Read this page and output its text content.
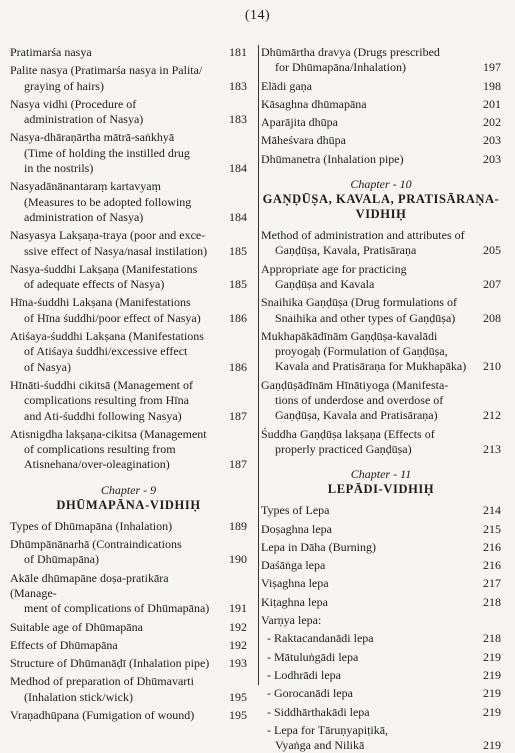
(14)
Pratimarśa nasya	181
Palite nasya (Pratimarśa nasya in Palita/
graying of hairs)	183
Nasya vidhi (Procedure of
administration of Nasya)	183
Nasya-dhāraṇārtha mātrā-saṅkhyā
(Time of holding the instilled drug
in the nostrils)	184
Nasyadānānantaraṃ kartavyaṃ
(Measures to be adopted following
administration of Nasya)	184
Nasyasya Lakṣaṇa-traya (poor and exce-
ssive effect of Nasya/nasal instilation)	185
Nasya-śuddhi Lakṣaṇa (Manifestations
of adequate effects of Nasya)	185
Hīna-śuddhi Lakṣana (Manifestations
of Hīna śuddhi/poor effect of Nasya)	186
Atiśaya-śuddhi Lakṣana (Manifestations
of Atiśaya śuddhi/excessive effect
of Nasya)	186
Hīnāti-śuddhi cikitsā (Management of
complications resulting from Hīna
and Ati-śuddhi following Nasya)	187
Atisnigdha lakṣaṇa-cikitsa (Management
of complications resulting from
Atisnehana/over-oleagination)	187
Chapter - 9
DHŪMAPĀNA-VIDHIḤ
Types of Dhūmapāna (Inhalation)	189
Dhūmpānānarhā (Contraindications
of Dhūmapāna)	190
Akāle dhūmapāne doṣa-pratikāra (Manage-
ment of complications of Dhūmapāna)	191
Suitable age of Dhūmapāna	192
Effects of Dhūmapāna	192
Structure of Dhūmanāḍī (Inhalation pipe)	193
Medhod of preparation of Dhūmavarti
(Inhalation stick/wick)	195
Vraṇadhūpana (Fumigation of wound)	195
Dhūmārtha dravya (Drugs prescribed
for Dhūmapāna/Inhalation)	197
Elādi gaṇa	198
Kāsaghna dhūmapāna	201
Aparājita dhūpa	202
Māheśvara dhūpa	203
Dhūmanetra (Inhalation pipe)	203
Chapter - 10
GAṆḌŪṢA, KAVALA, PRATISĀRAṆA-
VIDHIḤ
Method of administration and attributes of
Gaṇḍūṣa, Kavala, Pratisāraṇa	205
Appropriate age for practicing
Gaṇḍūṣa and Kavala	207
Snaihika Gaṇḍūṣa (Drug formulations of
Snaihika and other types of Gaṇḍūṣa)	208
Mukhapākādīnām Gaṇḍūṣa-kavalādi
proyogaḥ (Formulation of Gaṇḍūṣa,
Kavala and Pratisāraṇa for Mukhapāka)	210
Gaṇḍūṣādīnām Hīnātiyoga (Manifesta-
tions of underdose and overdose of
Gaṇḍūṣa, Kavala and Pratisāraṇa)	212
Śuddha Gaṇḍūṣa lakṣaṇa (Effects of
properly practiced Gaṇḍūṣa)	213
Chapter - 11
LEPĀDI-VIDHIḤ
Types of Lepa	214
Doṣaghna lepa	215
Lepa in Dāha (Burning)	216
Daśāṅga lepa	216
Viṣaghna lepa	217
Kiṭaghna lepa	218
Varṇya lepa:
- Raktacandanādi lepa	218
- Mātuluṅgādi lepa	219
- Lodhrādi lepa	219
- Gorocanādi lepa	219
- Siddhārthakādi lepa	219
- Lepa for Tāruṇyapiṭikā,
Vyaṅga and Nilikā	219
